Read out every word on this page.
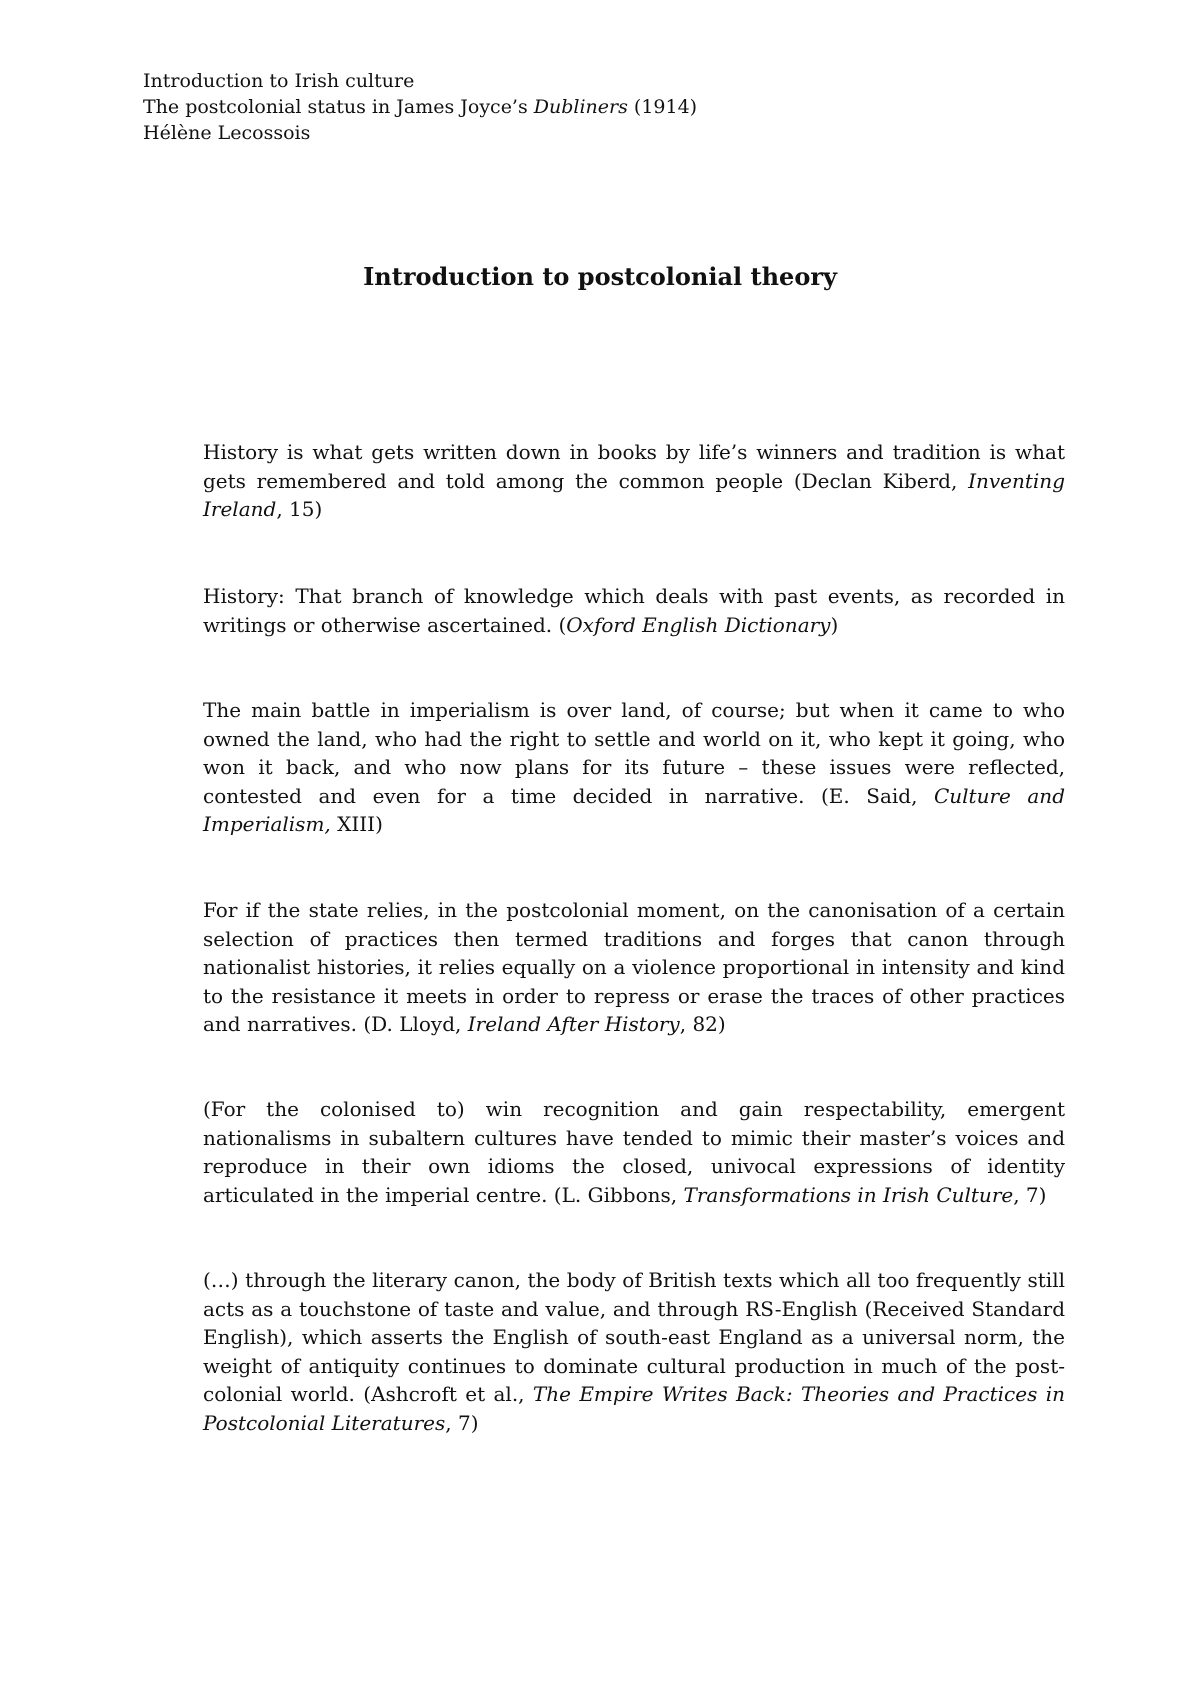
Introduction to Irish culture
The postcolonial status in James Joyce’s Dubliners (1914)
Hélène Lecossois
Introduction to postcolonial theory

History is what gets written down in books by life’s winners and tradition is what gets remembered and told among the common people (Declan Kiberd, Inventing Ireland, 15)

History: That branch of knowledge which deals with past events, as recorded in writings or otherwise ascertained. (Oxford English Dictionary)

The main battle in imperialism is over land, of course; but when it came to who owned the land, who had the right to settle and world on it, who kept it going, who won it back, and who now plans for its future – these issues were reflected, contested and even for a time decided in narrative. (E. Said, Culture and Imperialism, XIII)

For if the state relies, in the postcolonial moment, on the canonisation of a certain selection of practices then termed traditions and forges that canon through nationalist histories, it relies equally on a violence proportional in intensity and kind to the resistance it meets in order to repress or erase the traces of other practices and narratives. (D. Lloyd, Ireland After History, 82)

(For the colonised to) win recognition and gain respectability, emergent nationalisms in subaltern cultures have tended to mimic their master’s voices and reproduce in their own idioms the closed, univocal expressions of identity articulated in the imperial centre. (L. Gibbons, Transformations in Irish Culture, 7)

(…) through the literary canon, the body of British texts which all too frequently still acts as a touchstone of taste and value, and through RS-English (Received Standard English), which asserts the English of south-east England as a universal norm, the weight of antiquity continues to dominate cultural production in much of the post-colonial world. (Ashcroft et al., The Empire Writes Back: Theories and Practices in Postcolonial Literatures, 7)
